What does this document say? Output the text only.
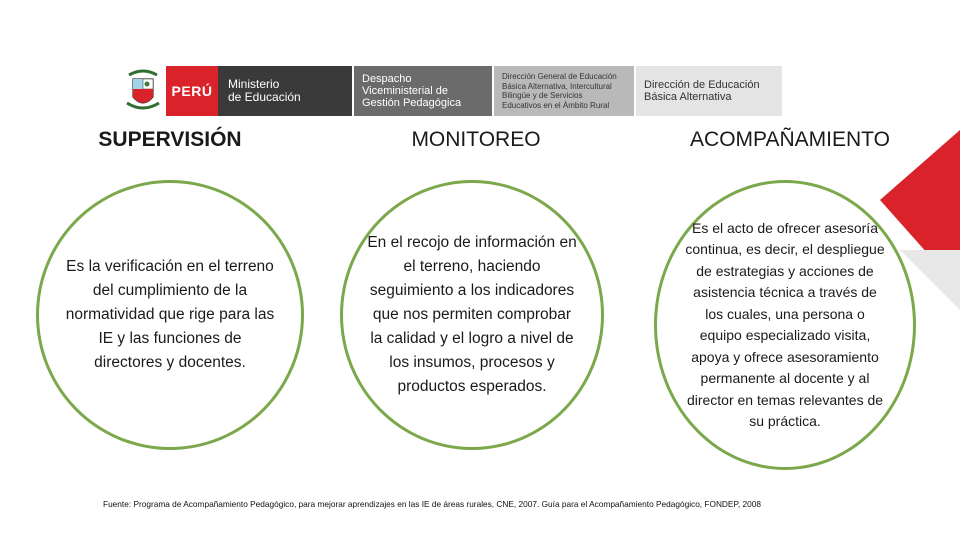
PERÚ	Ministerio
de Educación
Despacho
Viceministerial de
Gestión Pedagógica
Dirección General de Educación
Básica Alternativa, Intercultural
Bilingüe y de Servicios
Educativos en el Ámbito Rural
Dirección de Educación
Básica Alternativa
SUPERVISIÓN	MONITOREO	ACOMPAÑAMIENTO
Es la verificación en el terreno del cumplimiento de la normatividad que rige para las IE y las funciones de directores y docentes.
En el recojo de información en el terreno, haciendo seguimiento a los indicadores que nos permiten comprobar la calidad y el logro a nivel de los insumos, procesos y productos esperados.
Es el acto de ofrecer asesoría continua, es decir, el despliegue de estrategias y acciones de asistencia técnica a través de los cuales, una persona o equipo especializado visita, apoya y ofrece asesoramiento permanente al docente y al director en temas relevantes de su práctica.
Fuente: Programa de Acompañamiento Pedagógico, para mejorar aprendizajes en las IE de áreas rurales, CNE, 2007. Guía para el Acompañamiento Pedagógico, FONDEP, 2008
